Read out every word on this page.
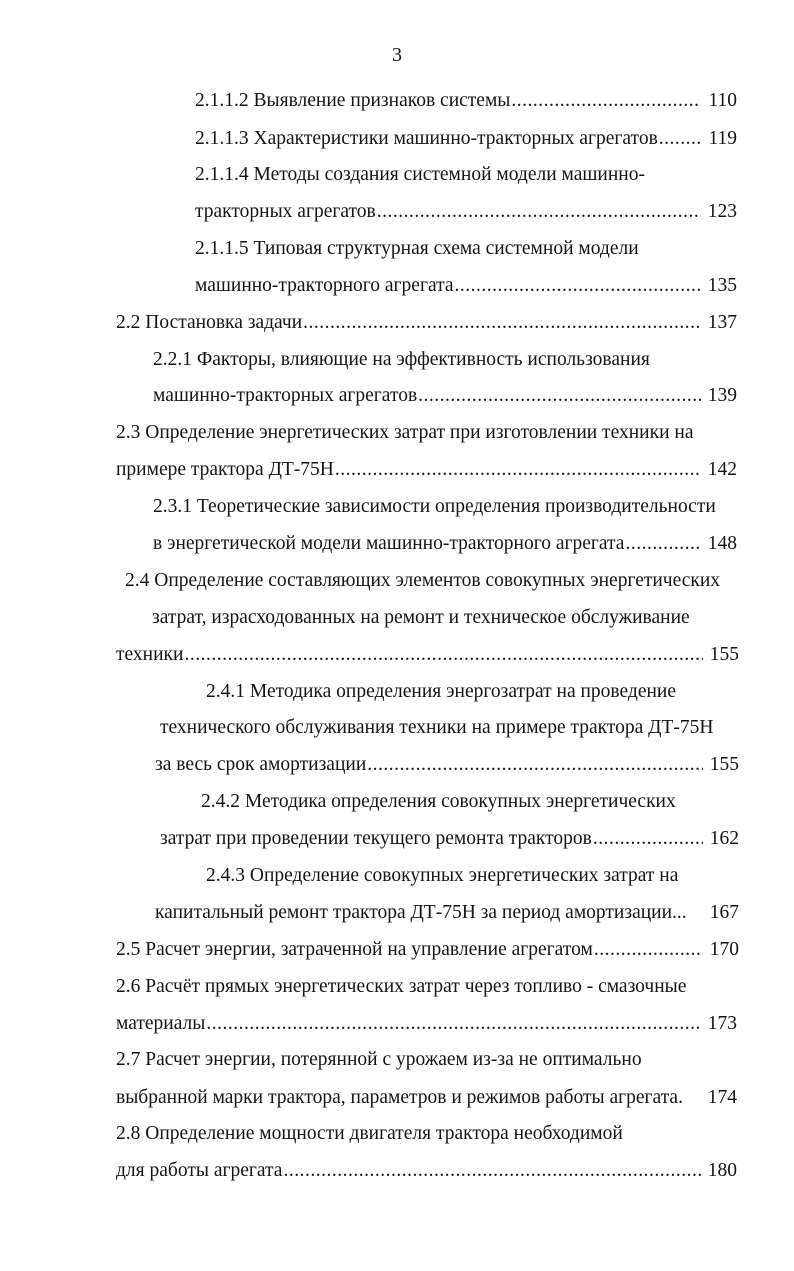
3
2.1.1.2 Выявление признаков системы .....	110
2.1.1.3 Характеристики машинно-тракторных агрегатов .....	119
2.1.1.4 Методы создания системной модели машинно-
тракторных агрегатов .....	123
2.1.1.5 Типовая структурная схема системной модели
машинно-тракторного агрегата .....	135
2.2 Постановка задачи .....	137
2.2.1 Факторы, влияющие на эффективность использования
машинно-тракторных агрегатов .....	139
2.3 Определение энергетических затрат при изготовлении техники на
примере трактора ДТ-75Н .....	142
2.3.1 Теоретические зависимости определения производительности
в энергетической модели машинно-тракторного агрегата .....	148
2.4 Определение составляющих элементов совокупных энергетических
затрат, израсходованных на ремонт и техническое обслуживание
техники .....	155
2.4.1 Методика определения энергозатрат на проведение
технического обслуживания техники на примере трактора ДТ-75Н
за весь срок амортизации .....	155
2.4.2 Методика определения совокупных энергетических
затрат при проведении текущего ремонта тракторов .....	162
2.4.3 Определение совокупных энергетических затрат на
капитальный ремонт трактора ДТ-75Н за период амортизации... 167
2.5 Расчет энергии, затраченной на управление агрегатом .....	170
2.6 Расчёт прямых энергетических затрат через топливо - смазочные
материалы .....	173
2.7 Расчет энергии, потерянной с урожаем из-за не оптимально
выбранной марки трактора, параметров и режимов работы агрегата. 174
2.8 Определение мощности двигателя трактора необходимой
для работы агрегата .....	180
